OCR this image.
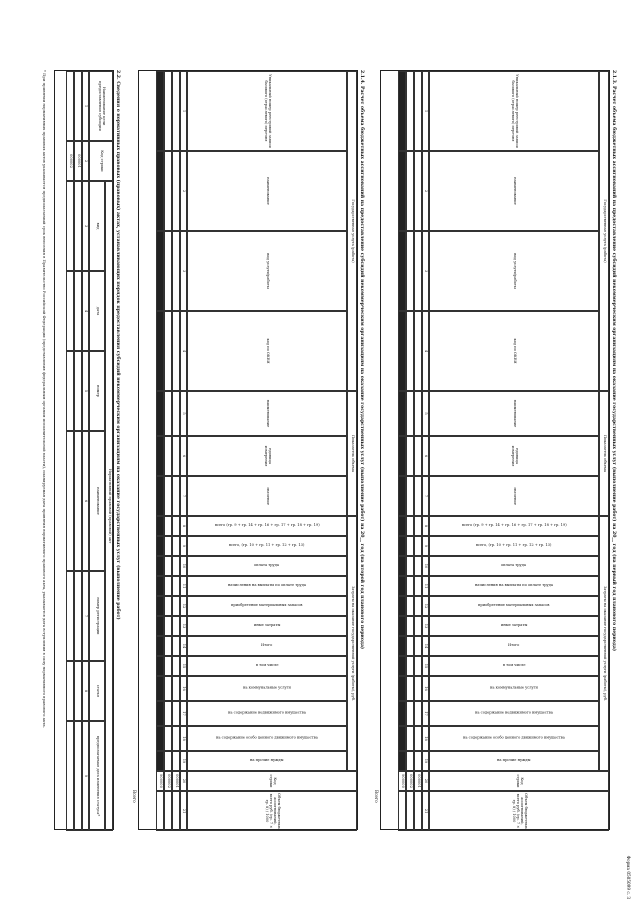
Форма 0505099 с. 3
2.1.3. Расчет объема бюджетных ассигнований на предоставление субсидий некоммерческим организациям на оказание государственных услуг (выполнение работ) на 20__ год (на первый год планового периода)
Государственная услуга (работа)
Показатель объема
Затраты на оказание государственной услуги (работы), руб.
Код строки
Объем бюджетных ассигнований, всего руб. (гр. 7 × гр. 8) / 1000
Уникальный номер реестровой записи базового (отраслевого) перечня
наименование
вид услуги/работы
код по ОКЕИ
наименование
единица измерения
значение
всего (гр. 9 + гр. 14 + гр. 16 + гр. 17 + гр. 18 + гр. 19)
всего, (гр. 10 + гр. 11 + гр. 12 + гр. 13)
оплата труда
начисления на выплаты по оплате труда
приобретение материальных запасов
иные затраты
Итого
в том числе
на коммунальные услуги
на содержание недвижимого имущества
на содержание особо ценного движимого имущества
на прочие нужды
1
2
3
4
5
6
7
8
9
10
11
12
13
14
15
16
17
18
19
20
21
000001
000002
900000
Всего
2.1.4. Расчет объема бюджетных ассигнований на предоставление субсидий некоммерческим организациям на оказание государственных услуг (выполнение работ) на 20__ год (на второй год планового периода)
Государственная услуга (работа)
Показатель объема
Затраты на оказание государственной услуги (работы), руб.
Код строки
Объем бюджетных ассигнований, всего руб. (гр. 7 × гр. 8) / 1000
Уникальный номер реестровой записи базового (отраслевого) перечня
наименование
вид услуги/работы
код по ОКЕИ
наименование
единица измерения
значение
всего (гр. 9 + гр. 14 + гр. 16 + гр. 17 + гр. 18 + гр. 19)
всего, (гр. 10 + гр. 11 + гр. 12 + гр. 13)
оплата труда
начисления на выплаты по оплате труда
приобретение материальных запасов
иные затраты
Итого
в том числе
на коммунальные услуги
на содержание недвижимого имущества
на содержание особо ценного движимого имущества
на прочие нужды
1
2
3
4
5
6
7
8
9
10
11
12
13
14
15
16
17
18
19
20
21
000001
000002
900000
Всего
2.2. Сведения о нормативных правовых (правовых) актах, устанавливающих порядок предоставления субсидий некоммерческим организациям на оказание государственных услуг (выполнение работ)
Наименование цели предоставления субсидии
Код строки
Нормативный правовой (правовой) акт
вид
дата
номер
наименование
номер регистрации
статья
предполагаемая дата изменения статуса*
1
2
3
4
5
6
7
8
9
000001
000002
* При принятии нормативных правовых актов указывается предполагаемый срок внесения в Правительство Российской Федерации (представления федеральным органом исполнительной власти), планируемая дата принятия нормативного правового акта, указывается дата вступления в силу нормативного правового акта.
